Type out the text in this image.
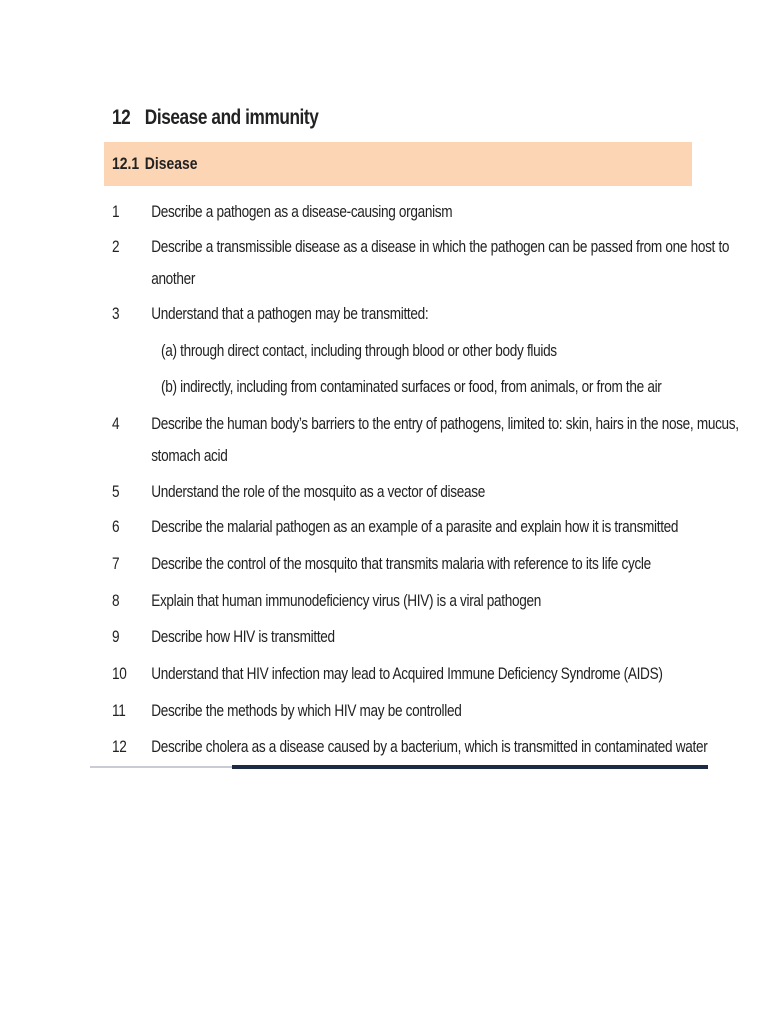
12 Disease and immunity
12.1 Disease
1	Describe a pathogen as a disease-causing organism
2	Describe a transmissible disease as a disease in which the pathogen can be passed from one host to
another
3	Understand that a pathogen may be transmitted:
(a) through direct contact, including through blood or other body fluids
(b) indirectly, including from contaminated surfaces or food, from animals, or from the air
4	Describe the human body’s barriers to the entry of pathogens, limited to: skin, hairs in the nose, mucus,
stomach acid
5	Understand the role of the mosquito as a vector of disease
6	Describe the malarial pathogen as an example of a parasite and explain how it is transmitted
7	Describe the control of the mosquito that transmits malaria with reference to its life cycle
8	Explain that human immunodeficiency virus (HIV) is a viral pathogen
9	Describe how HIV is transmitted
10	Understand that HIV infection may lead to Acquired Immune Deficiency Syndrome (AIDS)
11	Describe the methods by which HIV may be controlled
12	Describe cholera as a disease caused by a bacterium, which is transmitted in contaminated water
